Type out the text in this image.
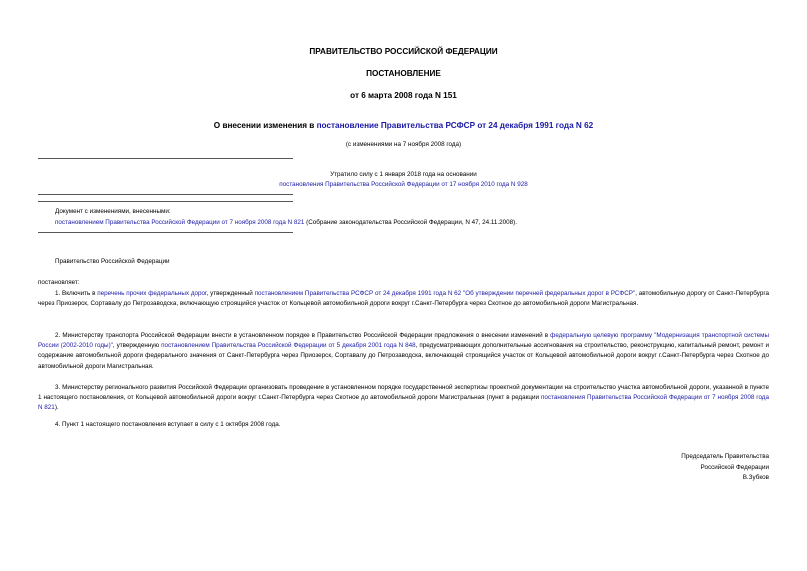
ПРАВИТЕЛЬСТВО РОССИЙСКОЙ ФЕДЕРАЦИИ
ПОСТАНОВЛЕНИЕ
от 6 марта 2008 года N 151
О внесении изменения в постановление Правительства РСФСР от 24 декабря 1991 года N 62
(с изменениями на 7 ноября 2008 года)
Утратило силу с 1 января 2018 года на основании
постановления Правительства Российской Федерации от 17 ноября 2010 года N 928
Документ с изменениями, внесенными:
постановлением Правительства Российской Федерации от 7 ноября 2008 года N 821 (Собрание законодательства Российской Федерации, N 47, 24.11.2008).
Правительство Российской Федерации
постановляет:
1. Включить в перечень прочих федеральных дорог, утвержденный постановлением Правительства РСФСР от 24 декабря 1991 года N 62 "Об утверждении перечней федеральных дорог в РСФСР", автомобильную дорогу от Санкт-Петербурга через Приозерск, Сортавалу до Петрозаводска, включающую строящийся участок от Кольцевой автомобильной дороги вокруг г.Санкт-Петербурга через Скотное до автомобильной дороги Магистральная.
2. Министерству транспорта Российской Федерации внести в установленном порядке в Правительство Российской Федерации предложения о внесении изменений в федеральную целевую программу "Модернизация транспортной системы России (2002-2010 годы)", утвержденную постановлением Правительства Российской Федерации от 5 декабря 2001 года N 848, предусматривающих дополнительные ассигнования на строительство, реконструкцию, капитальный ремонт, ремонт и содержание автомобильной дороги федерального значения от Санкт-Петербурга через Приозерск, Сортавалу до Петрозаводска, включающей строящийся участок от Кольцевой автомобильной дороги вокруг г.Санкт-Петербурга через Скотное до автомобильной дороги Магистральная.
3. Министерству регионального развития Российской Федерации организовать проведение в установленном порядке государственной экспертизы проектной документации на строительство участка автомобильной дороги, указанной в пункте 1 настоящего постановления, от Кольцевой автомобильной дороги вокруг г.Санкт-Петербурга через Скотное до автомобильной дороги Магистральная (пункт в редакции постановления Правительства Российской Федерации от 7 ноября 2008 года N 821).
4. Пункт 1 настоящего постановления вступает в силу с 1 октября 2008 года.
Председатель Правительства
Российской Федерации
В.Зубков
